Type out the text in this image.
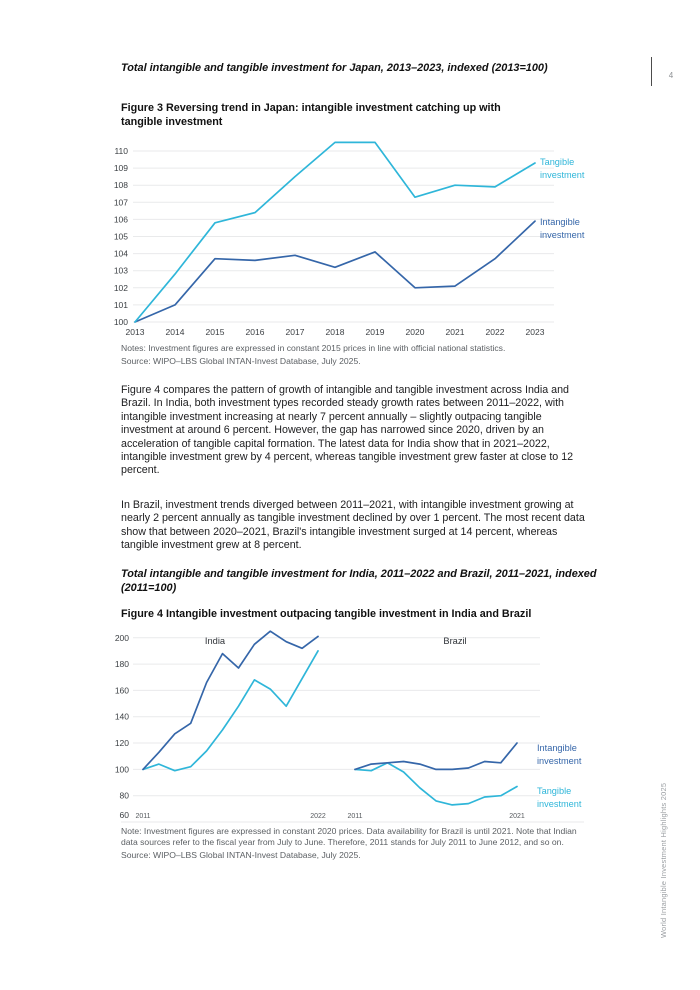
Total intangible and tangible investment for Japan, 2013–2023, indexed (2013=100)
Figure 3 Reversing trend in Japan: intangible investment catching up with tangible investment
100
101
102
103
104
105
106
107
108
109
110
2013 2014 2015 2016 2017 2018 2019 2020 2021 2022 2023
Tangible investment
Intangible investment
Notes: Investment figures are expressed in constant 2015 prices in line with official national statistics.
Source: WIPO–LBS Global INTAN-Invest Database, July 2025.
Figure 4 compares the pattern of growth of intangible and tangible investment across India and Brazil. In India, both investment types recorded steady growth rates between 2011–2022, with intangible investment increasing at nearly 7 percent annually – slightly outpacing tangible investment at around 6 percent. However, the gap has narrowed since 2020, driven by an acceleration of tangible capital formation. The latest data for India show that in 2021–2022, intangible investment grew by 4 percent, whereas tangible investment grew faster at close to 12 percent.
In Brazil, investment trends diverged between 2011–2021, with intangible investment growing at nearly 2 percent annually as tangible investment declined by over 1 percent. The most recent data show that between 2020–2021, Brazil's intangible investment surged at 14 percent, whereas tangible investment grew at 8 percent.
Total intangible and tangible investment for India, 2011–2022 and Brazil, 2011–2021, indexed (2011=100)
Figure 4 Intangible investment outpacing tangible investment in India and Brazil
200
180
160
140
120
100
80
60
India
2011	2022
Brazil
2011	2021
Intangible investment
Tangible investment
Note: Investment figures are expressed in constant 2020 prices. Data availability for Brazil is until 2021. Note that Indian data sources refer to the fiscal year from July to June. Therefore, 2011 stands for July 2011 to June 2012, and so on.
Source: WIPO–LBS Global INTAN-Invest Database, July 2025.
4
World Intangible Investment Highlights 2025
